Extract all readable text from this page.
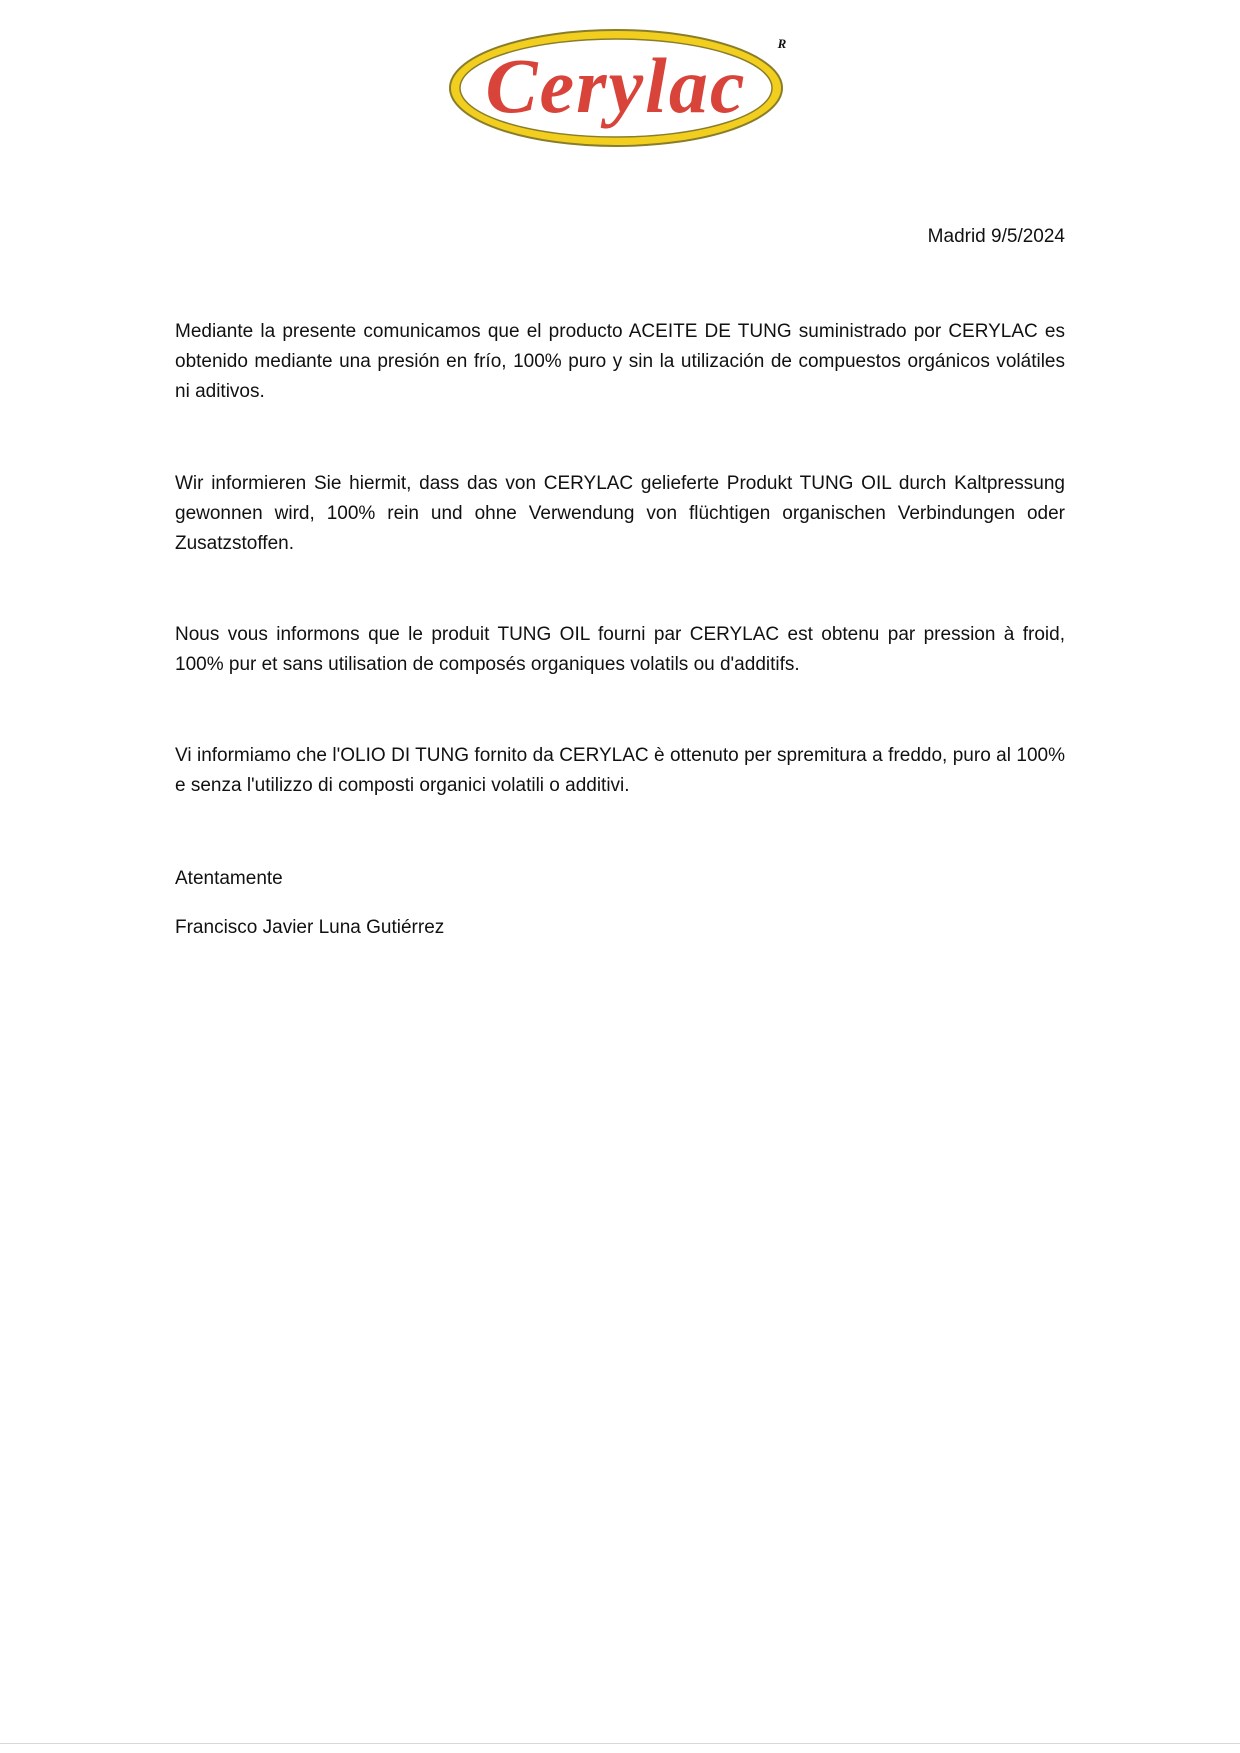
Cerylac R
Madrid 9/5/2024

Mediante la presente comunicamos que el producto ACEITE DE TUNG suministrado por CERYLAC es obtenido mediante una presión en frío, 100% puro y sin la utilización de compuestos orgánicos volátiles ni aditivos.

Wir informieren Sie hiermit, dass das von CERYLAC gelieferte Produkt TUNG OIL durch Kaltpressung gewonnen wird, 100% rein und ohne Verwendung von flüchtigen organischen Verbindungen oder Zusatzstoffen.

Nous vous informons que le produit TUNG OIL fourni par CERYLAC est obtenu par pression à froid, 100% pur et sans utilisation de composés organiques volatils ou d'additifs.

Vi informiamo che l'OLIO DI TUNG fornito da CERYLAC è ottenuto per spremitura a freddo, puro al 100% e senza l'utilizzo di composti organici volatili o additivi.

Atentamente
Francisco Javier Luna Gutiérrez
